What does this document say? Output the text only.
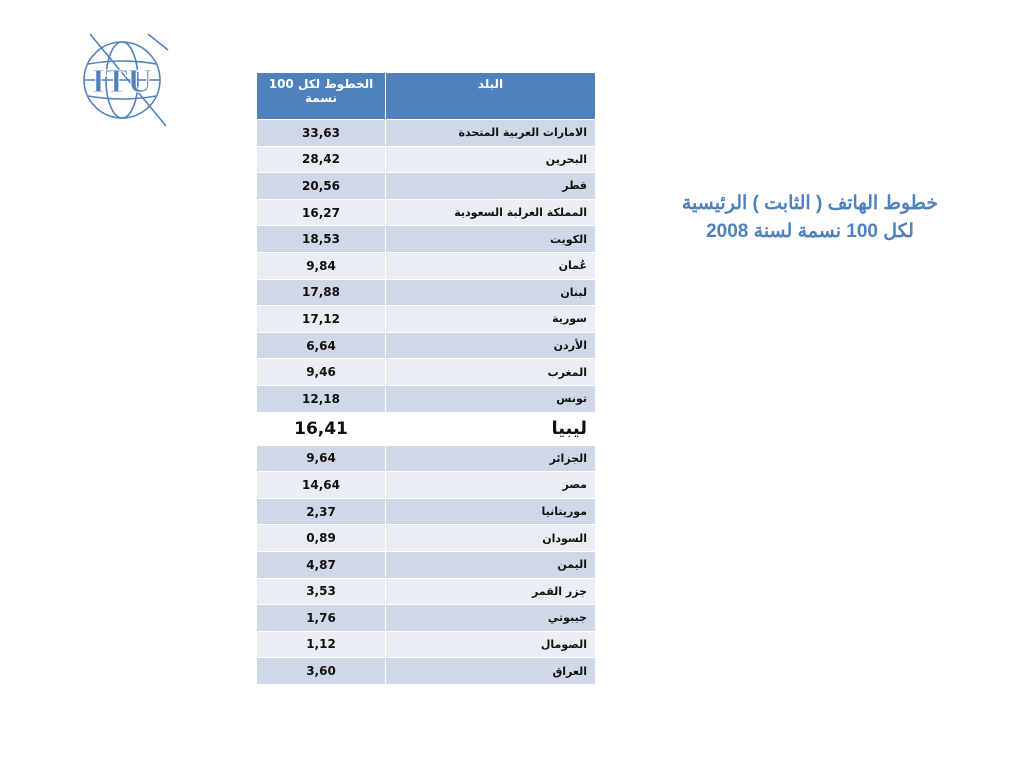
ITU	الخطوط لكل 100 نسمة	البلد
33,63	الامارات العربية المتحدة
28,42	البحرين
20,56	قطر
16,27	المملكة العرلبة السعودية
18,53	الكويت
9,84	عُمان
17,88	لبنان
17,12	سورية
6,64	الأردن
9,46	المغرب
12,18	تونس
16,41	ليبيا
9,64	الجزائر
14,64	مصر
2,37	موريتانيا
0,89	السودان
4,87	اليمن
3,53	جزر القمر
1,76	جيبوتي
1,12	الصومال
3,60	العراق
خطوط الهاتف ( الثابت ) الرئيسية
لكل 100 نسمة لسنة 2008
